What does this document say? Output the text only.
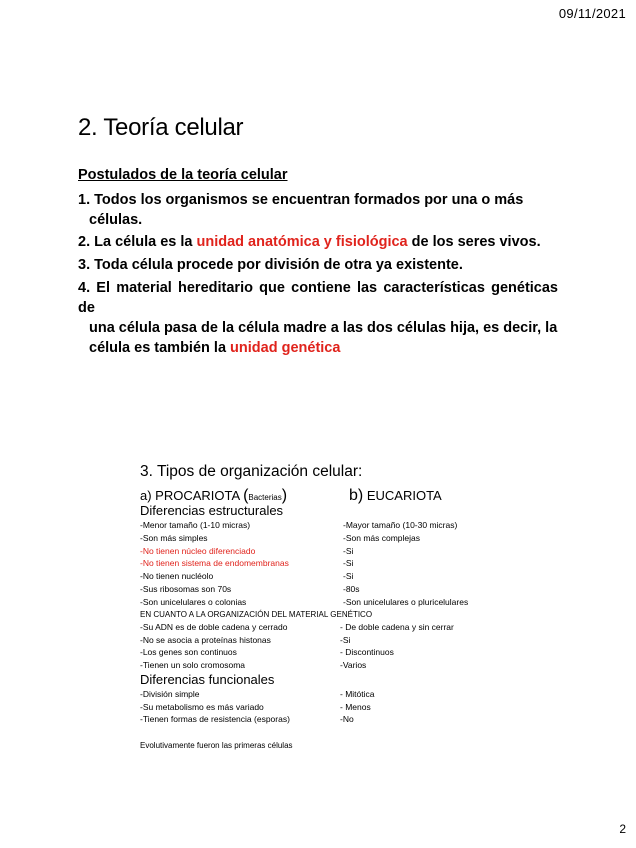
09/11/2021
2. Teoría celular
Postulados de la teoría celular
1. Todos los organismos se encuentran formados por una o más
células.
2. La célula es la unidad anatómica y fisiológica de los seres vivos.
3. Toda célula procede por división de otra ya existente.
4. El material hereditario que contiene las características genéticas de
una célula pasa de la célula madre a las dos células hija, es decir, la
célula es también la unidad genética
3. Tipos de organización celular:
a) PROCARIOTA (Bacterias)	b) EUCARIOTA
Diferencias estructurales
-Menor tamaño (1-10 micras)	-Mayor tamaño (10-30 micras)
-Son más simples	-Son más complejas
-No tienen núcleo diferenciado	-Si
-No tienen sistema de endomembranas	-Si
-No tienen nucléolo	-Si
-Sus ribosomas son 70s	-80s
-Son unicelulares o colonias	-Son unicelulares o pluricelulares
EN CUANTO A LA ORGANIZACIÓN DEL MATERIAL GENÉTICO
-Su ADN es de doble cadena y cerrado	- De doble cadena y sin cerrar
-No se asocia a proteínas histonas	-Si
-Los genes son continuos	- Discontinuos
-Tienen un solo cromosoma	-Varios
Diferencias funcionales
-División simple	- Mitótica
-Su metabolismo es más variado	- Menos
-Tienen formas de resistencia (esporas)	-No
Evolutivamente fueron las primeras células
2
